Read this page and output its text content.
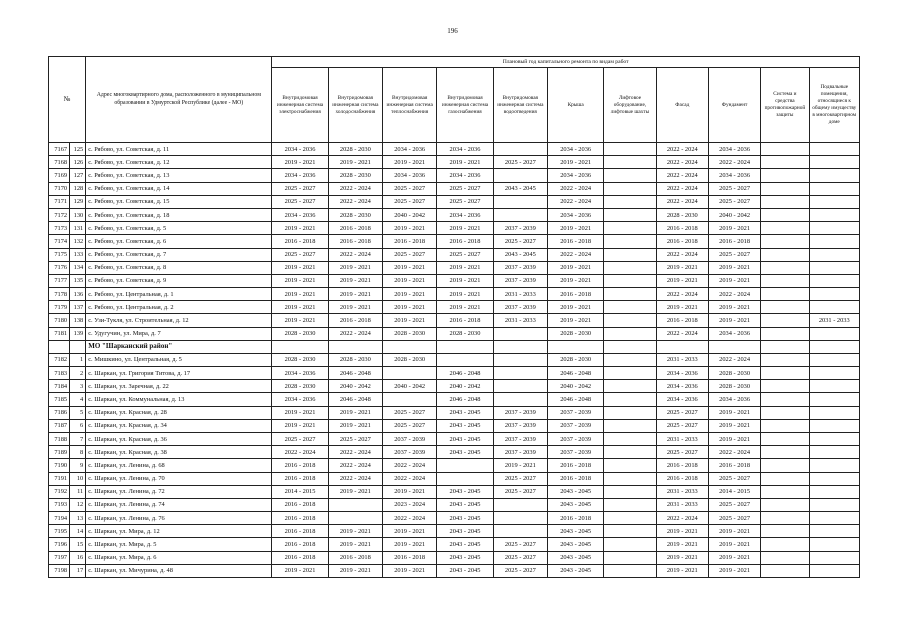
196
№		Адрес многоквартирного дома, расположенного в муниципальном образовании в Удмуртской Республике (далее - МО)	Плановый год капитального ремонта по видам работ										
			Внутридомовая инженерная система электроснабжения	Внутридомовая инженерная система холодоснабжения	Внутридомовая инженерная система теплоснабжения	Внутридомовая инженерная система газоснабжения	Внутридомовая инженерная система водоотведения	Крыша	Лифтовое оборудование, лифтовые шахты	Фасад	Фундамент	Система и средства противопожарной защиты	Подвальные помещения, относящиеся к общему имуществу в многоквартирном доме
7167	125	с. Рябово, ул. Советская, д. 11	2034 - 2036	2028 - 2030	2034 - 2036	2034 - 2036		2034 - 2036		2022 - 2024	2034 - 2036		
7168	126	с. Рябово, ул. Советская, д. 12	2019 - 2021	2019 - 2021	2019 - 2021	2019 - 2021	2025 - 2027	2019 - 2021		2022 - 2024	2022 - 2024		
7169	127	с. Рябово, ул. Советская, д. 13	2034 - 2036	2028 - 2030	2034 - 2036	2034 - 2036		2034 - 2036		2022 - 2024	2034 - 2036		
7170	128	с. Рябово, ул. Советская, д. 14	2025 - 2027	2022 - 2024	2025 - 2027	2025 - 2027	2043 - 2045	2022 - 2024		2022 - 2024	2025 - 2027		
7171	129	с. Рябово, ул. Советская, д. 15	2025 - 2027	2022 - 2024	2025 - 2027	2025 - 2027		2022 - 2024		2022 - 2024	2025 - 2027		
7172	130	с. Рябово, ул. Советская, д. 18	2034 - 2036	2028 - 2030	2040 - 2042	2034 - 2036		2034 - 2036		2028 - 2030	2040 - 2042		
7173	131	с. Рябово, ул. Советская, д. 5	2019 - 2021	2016 - 2018	2019 - 2021	2019 - 2021	2037 - 2039	2019 - 2021		2016 - 2018	2019 - 2021		
7174	132	с. Рябово, ул. Советская, д. 6	2016 - 2018	2016 - 2018	2016 - 2018	2016 - 2018	2025 - 2027	2016 - 2018		2016 - 2018	2016 - 2018		
7175	133	с. Рябово, ул. Советская, д. 7	2025 - 2027	2022 - 2024	2025 - 2027	2025 - 2027	2043 - 2045	2022 - 2024		2022 - 2024	2025 - 2027		
7176	134	с. Рябово, ул. Советская, д. 8	2019 - 2021	2019 - 2021	2019 - 2021	2019 - 2021	2037 - 2039	2019 - 2021		2019 - 2021	2019 - 2021		
7177	135	с. Рябово, ул. Советская, д. 9	2019 - 2021	2019 - 2021	2019 - 2021	2019 - 2021	2037 - 2039	2019 - 2021		2019 - 2021	2019 - 2021		
7178	136	с. Рябово, ул. Центральная, д. 1	2019 - 2021	2019 - 2021	2019 - 2021	2019 - 2021	2031 - 2033	2016 - 2018		2022 - 2024	2022 - 2024		
7179	137	с. Рябово, ул. Центральная, д. 2	2019 - 2021	2019 - 2021	2019 - 2021	2019 - 2021	2037 - 2039	2019 - 2021		2019 - 2021	2019 - 2021		
7180	138	с. Узи-Тукля, ул. Строительная, д. 12	2019 - 2021	2016 - 2018	2019 - 2021	2016 - 2018	2031 - 2033	2019 - 2021		2016 - 2018	2019 - 2021		2031 - 2033
7181	139	с. Удугучин, ул. Мира, д. 7	2028 - 2030	2022 - 2024	2028 - 2030	2028 - 2030		2028 - 2030		2022 - 2024	2034 - 2036		
		МО "Шарканский район"											
7182	1	с. Мишкино, ул. Центральная, д. 5	2028 - 2030	2028 - 2030	2028 - 2030			2028 - 2030		2031 - 2033	2022 - 2024		
7183	2	с. Шаркан, ул. Григория Титова, д. 17	2034 - 2036	2046 - 2048		2046 - 2048		2046 - 2048		2034 - 2036	2028 - 2030		
7184	3	с. Шаркан, ул. Заречная, д. 22	2028 - 2030	2040 - 2042	2040 - 2042	2040 - 2042		2040 - 2042		2034 - 2036	2028 - 2030		
7185	4	с. Шаркан, ул. Коммунальная, д. 13	2034 - 2036	2046 - 2048		2046 - 2048		2046 - 2048		2034 - 2036	2034 - 2036		
7186	5	с. Шаркан, ул. Красная, д. 28	2019 - 2021	2019 - 2021	2025 - 2027	2043 - 2045	2037 - 2039	2037 - 2039		2025 - 2027	2019 - 2021		
7187	6	с. Шаркан, ул. Красная, д. 34	2019 - 2021	2019 - 2021	2025 - 2027	2043 - 2045	2037 - 2039	2037 - 2039		2025 - 2027	2019 - 2021		
7188	7	с. Шаркан, ул. Красная, д. 36	2025 - 2027	2025 - 2027	2037 - 2039	2043 - 2045	2037 - 2039	2037 - 2039		2031 - 2033	2019 - 2021		
7189	8	с. Шаркан, ул. Красная, д. 38	2022 - 2024	2022 - 2024	2037 - 2039	2043 - 2045	2037 - 2039	2037 - 2039		2025 - 2027	2022 - 2024		
7190	9	с. Шаркан, ул. Ленина, д. 68	2016 - 2018	2022 - 2024	2022 - 2024		2019 - 2021	2016 - 2018		2016 - 2018	2016 - 2018		
7191	10	с. Шаркан, ул. Ленина, д. 70	2016 - 2018	2022 - 2024	2022 - 2024		2025 - 2027	2016 - 2018		2016 - 2018	2025 - 2027		
7192	11	с. Шаркан, ул. Ленина, д. 72	2014 - 2015	2019 - 2021	2019 - 2021	2043 - 2045	2025 - 2027	2043 - 2045		2031 - 2033	2014 - 2015		
7193	12	с. Шаркан, ул. Ленина, д. 74	2016 - 2018		2023 - 2024	2043 - 2045		2043 - 2045		2031 - 2033	2025 - 2027		
7194	13	с. Шаркан, ул. Ленина, д. 76	2016 - 2018		2022 - 2024	2043 - 2045		2016 - 2018		2022 - 2024	2025 - 2027		
7195	14	с. Шаркан, ул. Мира, д. 12	2016 - 2018	2019 - 2021	2019 - 2021	2043 - 2045		2043 - 2045		2019 - 2021	2019 - 2021		
7196	15	с. Шаркан, ул. Мира, д. 5	2016 - 2018	2019 - 2021	2019 - 2021	2043 - 2045	2025 - 2027	2043 - 2045		2019 - 2021	2019 - 2021		
7197	16	с. Шаркан, ул. Мира, д. 6	2016 - 2018	2016 - 2018	2016 - 2018	2043 - 2045	2025 - 2027	2043 - 2045		2019 - 2021	2019 - 2021		
7198	17	с. Шаркан, ул. Мичурина, д. 48	2019 - 2021	2019 - 2021	2019 - 2021	2043 - 2045	2025 - 2027	2043 - 2045		2019 - 2021	2019 - 2021		
